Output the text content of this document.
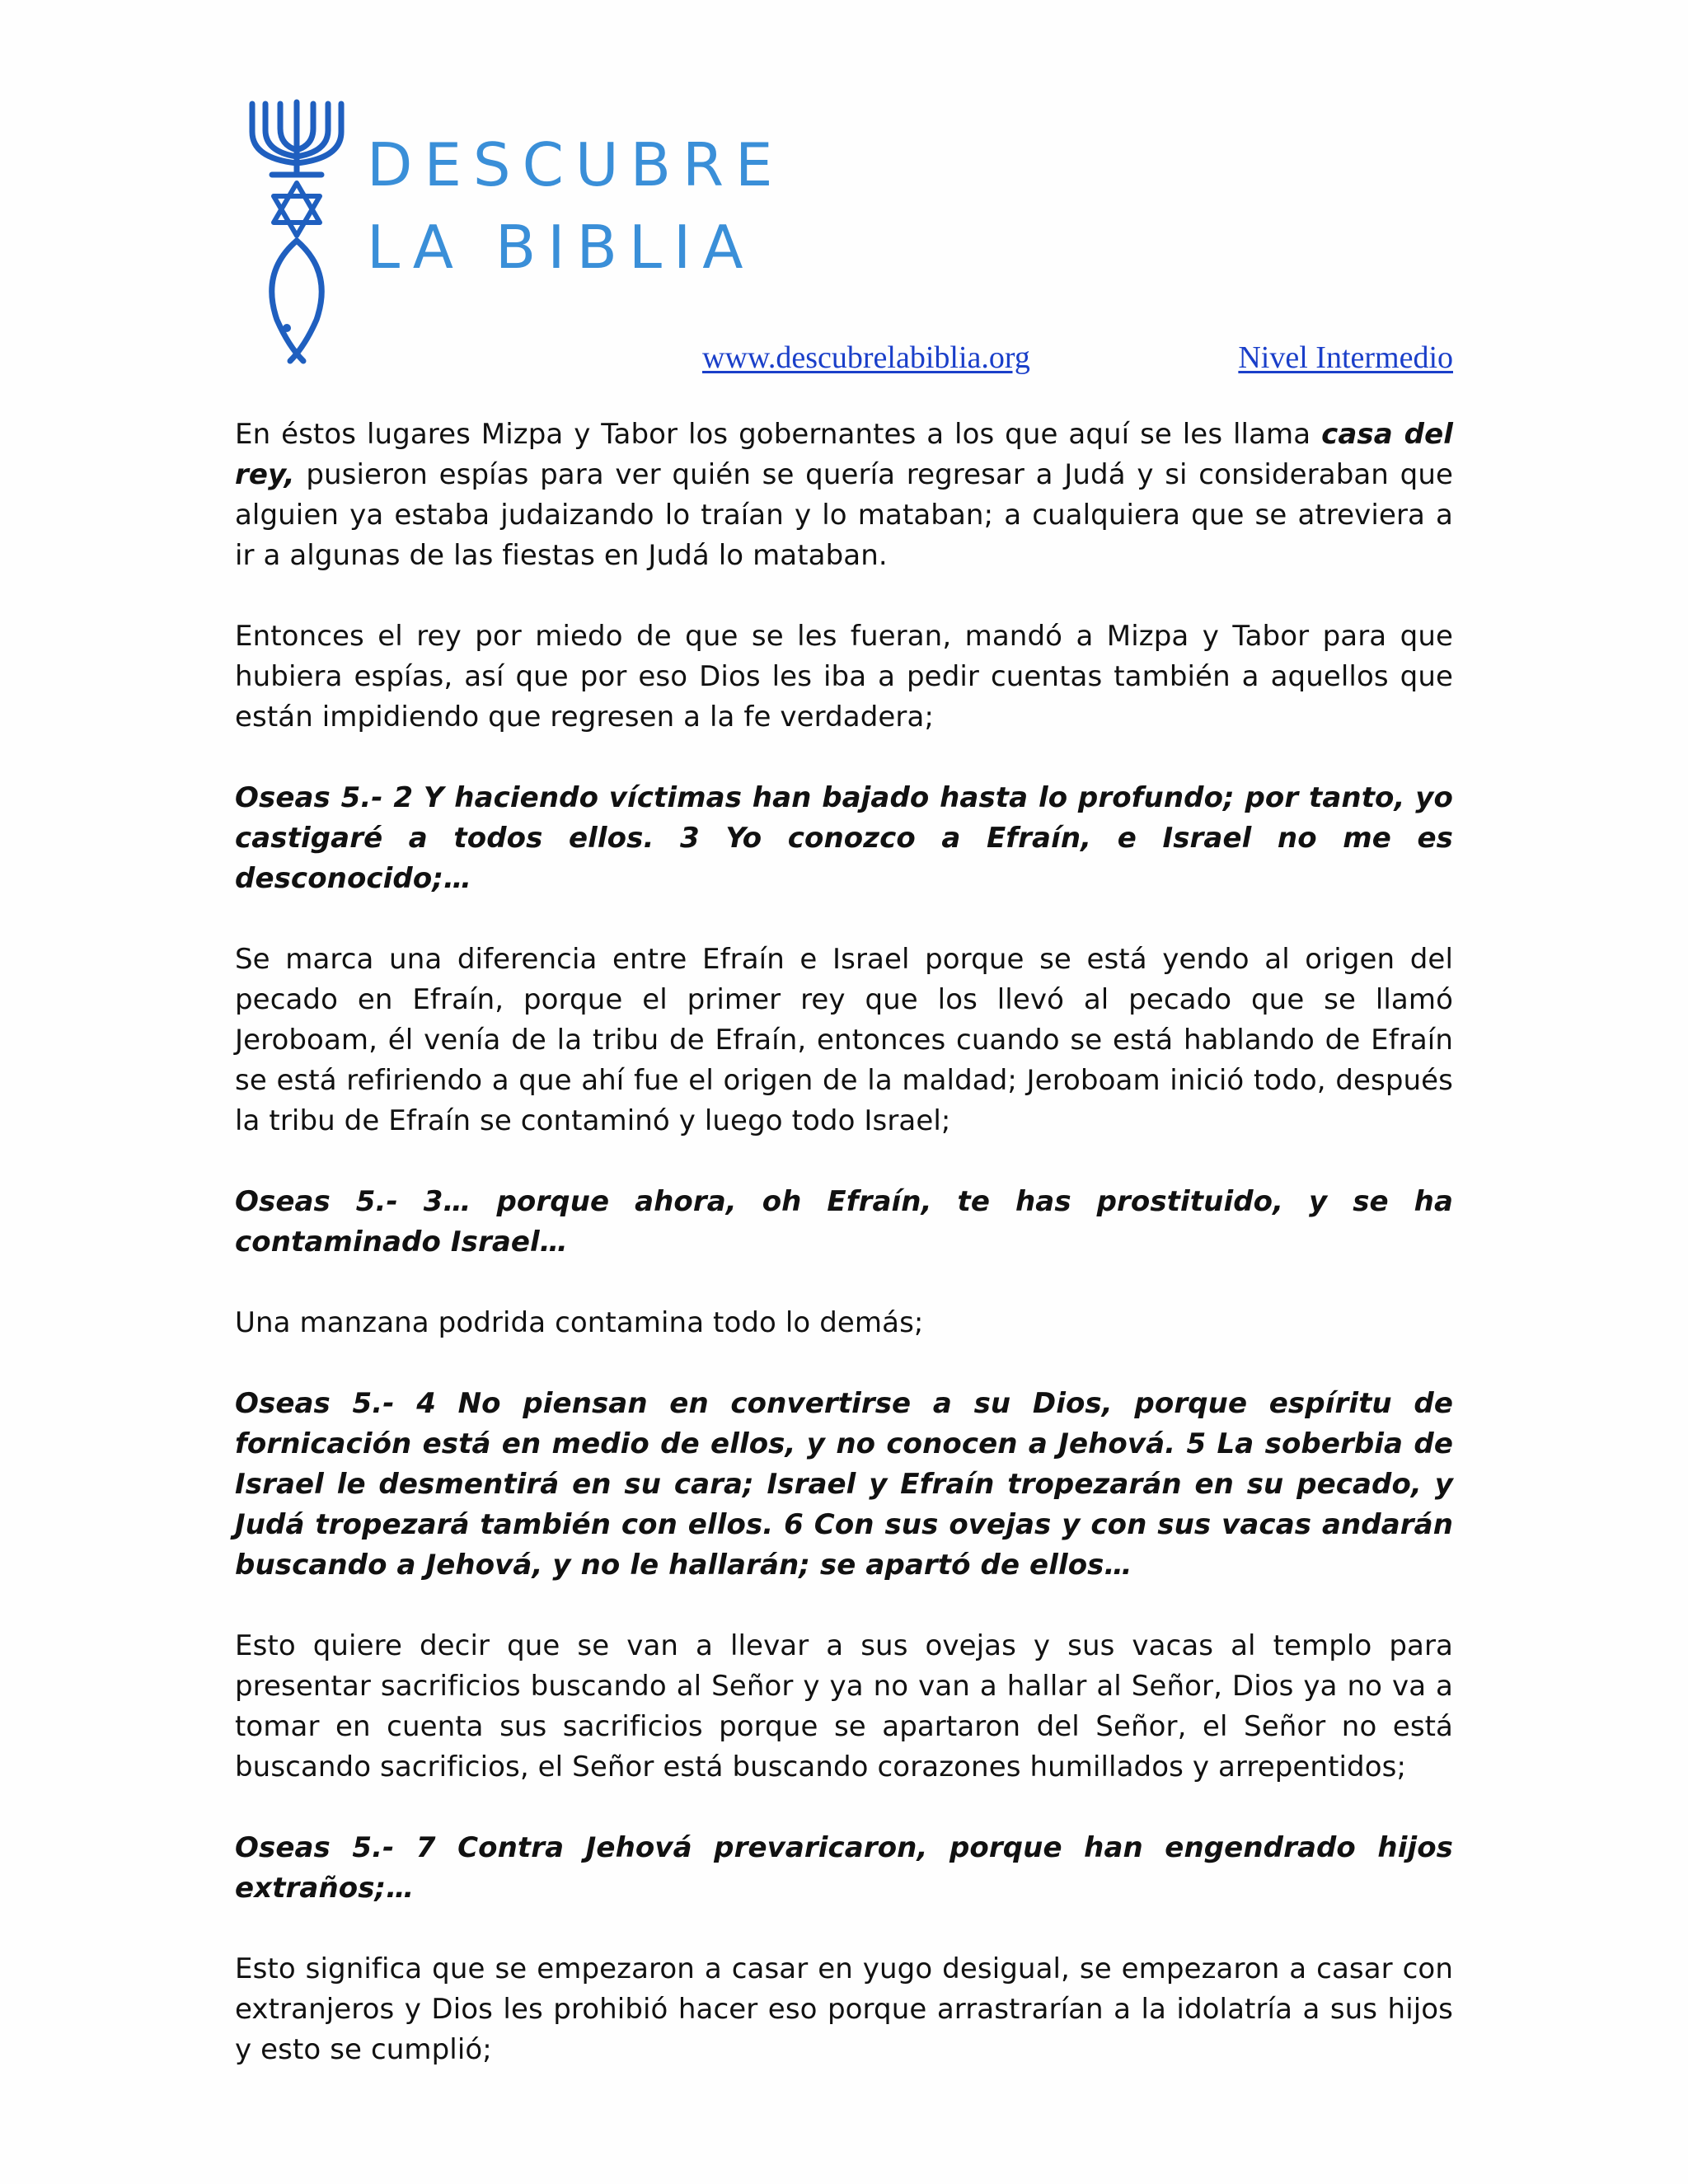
DESCUBRE
LA BIBLIA
www.descubrelabiblia.org	Nivel Intermedio

En éstos lugares Mizpa y Tabor los gobernantes a los que aquí se les llama casa del rey, pusieron espías para ver quién se quería regresar a Judá y si consideraban que alguien ya estaba judaizando lo traían y lo mataban; a cualquiera que se atreviera a ir a algunas de las fiestas en Judá lo mataban.

Entonces el rey por miedo de que se les fueran, mandó a Mizpa y Tabor para que hubiera espías, así que por eso Dios les iba a pedir cuentas también a aquellos que están impidiendo que regresen a la fe verdadera;

Oseas 5.- 2 Y haciendo víctimas han bajado hasta lo profundo; por tanto, yo castigaré a todos ellos. 3 Yo conozco a Efraín, e Israel no me es desconocido;…

Se marca una diferencia entre Efraín e Israel porque se está yendo al origen del pecado en Efraín, porque el primer rey que los llevó al pecado que se llamó Jeroboam, él venía de la tribu de Efraín, entonces cuando se está hablando de Efraín se está refiriendo a que ahí fue el origen de la maldad; Jeroboam inició todo, después la tribu de Efraín se contaminó y luego todo Israel;

Oseas 5.- 3… porque ahora, oh Efraín, te has prostituido, y se ha contaminado Israel…

Una manzana podrida contamina todo lo demás;

Oseas 5.- 4 No piensan en convertirse a su Dios, porque espíritu de fornicación está en medio de ellos, y no conocen a Jehová. 5 La soberbia de Israel le desmentirá en su cara; Israel y Efraín tropezarán en su pecado, y Judá tropezará también con ellos. 6 Con sus ovejas y con sus vacas andarán buscando a Jehová, y no le hallarán; se apartó de ellos…

Esto quiere decir que se van a llevar a sus ovejas y sus vacas al templo para presentar sacrificios buscando al Señor y ya no van a hallar al Señor, Dios ya no va a tomar en cuenta sus sacrificios porque se apartaron del Señor, el Señor no está buscando sacrificios, el Señor está buscando corazones humillados y arrepentidos;

Oseas 5.- 7 Contra Jehová prevaricaron, porque han engendrado hijos extraños;…

Esto significa que se empezaron a casar en yugo desigual, se empezaron a casar con extranjeros y Dios les prohibió hacer eso porque arrastrarían a la idolatría a sus hijos y esto se cumplió;
